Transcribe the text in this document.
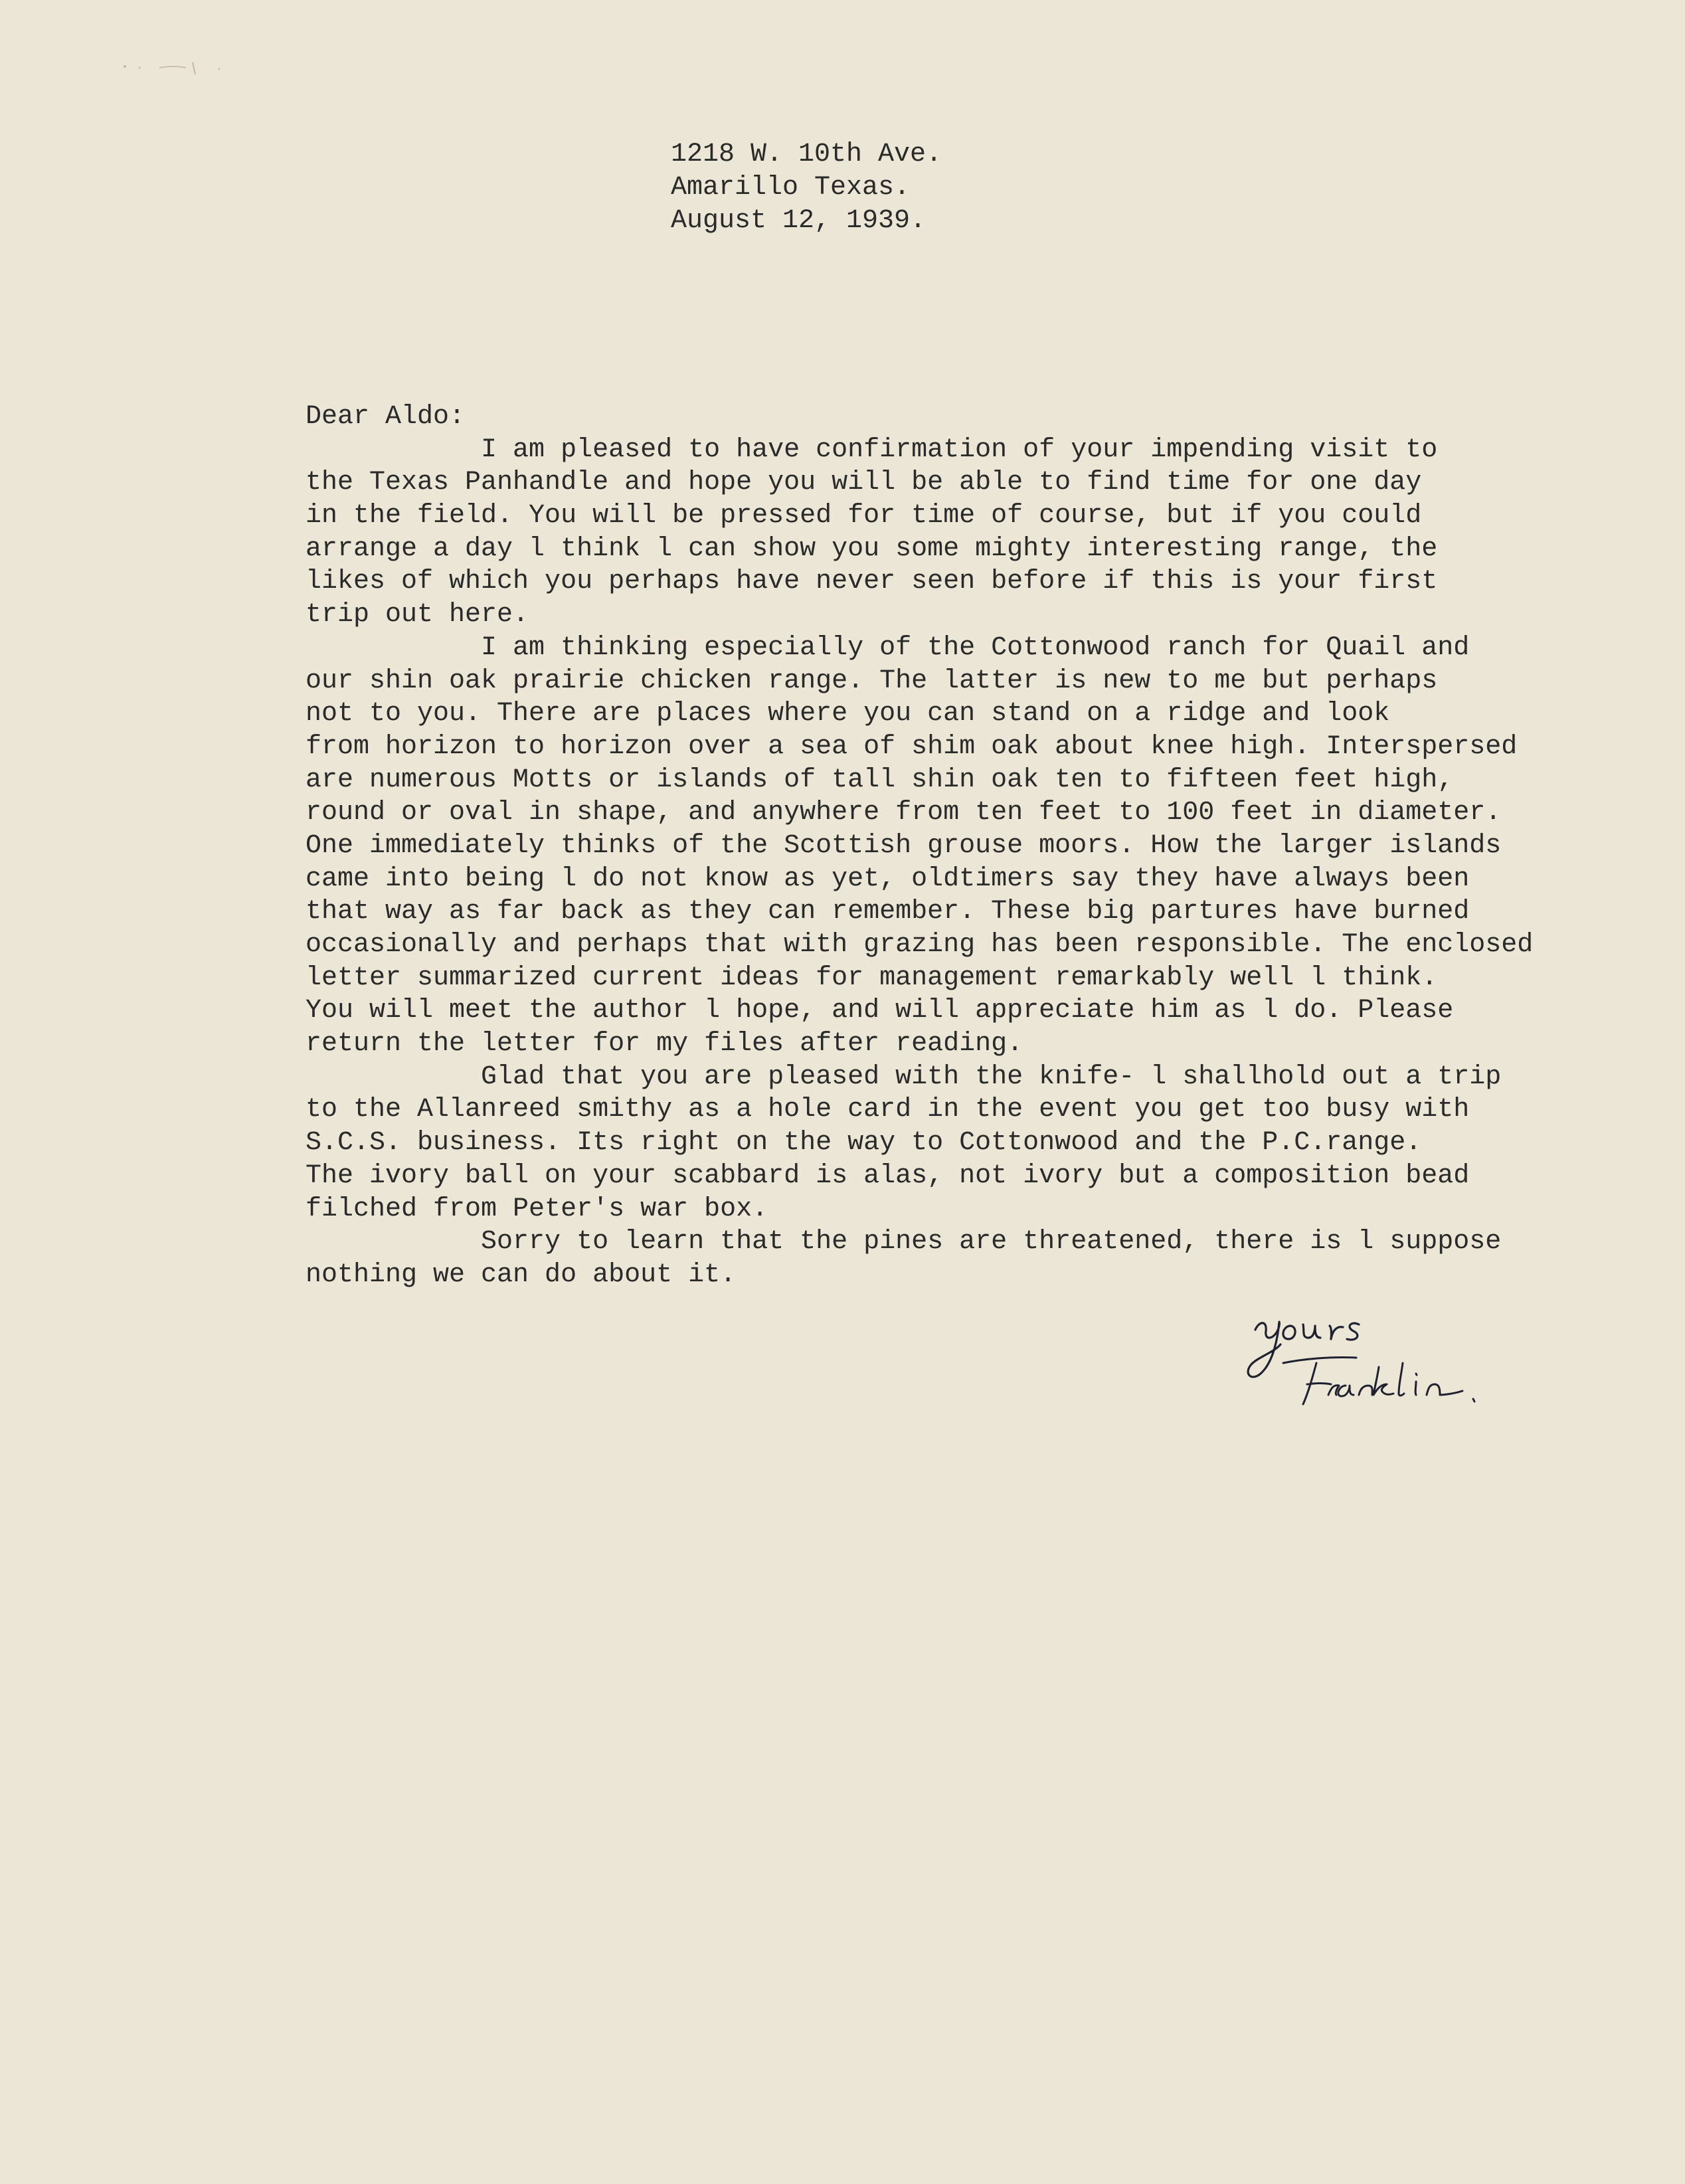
1218 W. 10th Ave.
Amarillo Texas.
August 12, 1939.
Dear Aldo:
I am pleased to have confirmation of your impending visit to
the Texas Panhandle and hope you will be able to find time for one day
in the field. You will be pressed for time of course, but if you could
arrange a day l think l can show you some mighty interesting range, the
likes of which you perhaps have never seen before if this is your first
trip out here.
I am thinking especially of the Cottonwood ranch for Quail and
our shin oak prairie chicken range. The latter is new to me but perhaps
not to you. There are places where you can stand on a ridge and look
from horizon to horizon over a sea of shim oak about knee high. Interspersed
are numerous Motts or islands of tall shin oak ten to fifteen feet high,
round or oval in shape, and anywhere from ten feet to 100 feet in diameter.
One immediately thinks of the Scottish grouse moors. How the larger islands
came into being l do not know as yet, oldtimers say they have always been
that way as far back as they can remember. These big partures have burned
occasionally and perhaps that with grazing has been responsible. The enclosed
letter summarized current ideas for management remarkably well l think.
You will meet the author l hope, and will appreciate him as l do. Please
return the letter for my files after reading.
Glad that you are pleased with the knife- l shallhold out a trip
to the Allanreed smithy as a hole card in the event you get too busy with
S.C.S. business. Its right on the way to Cottonwood and the P.C.range.
The ivory ball on your scabbard is alas, not ivory but a composition bead
filched from Peter's war box.
Sorry to learn that the pines are threatened, there is l suppose
nothing we can do about it.
